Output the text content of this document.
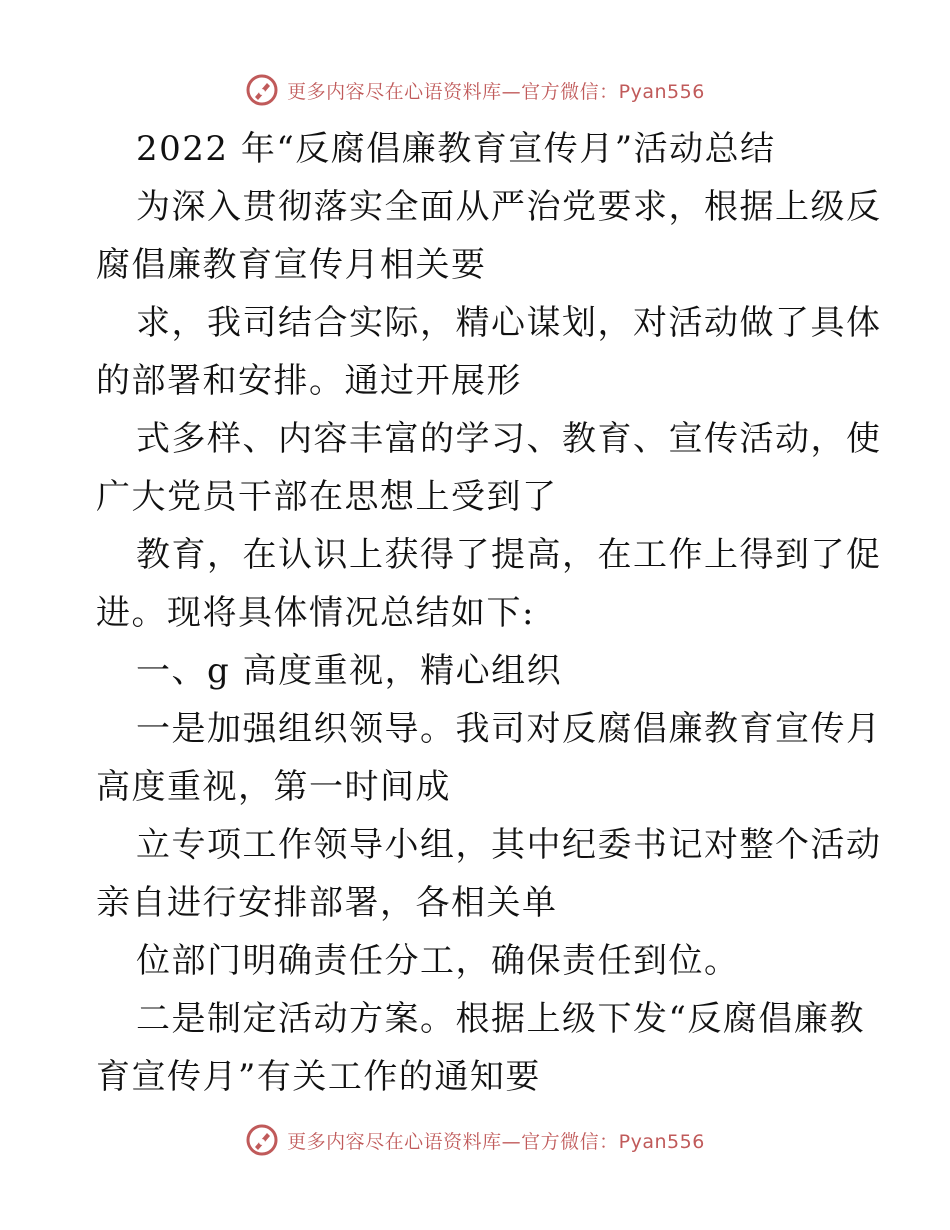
更多内容尽在心语资料库—官方微信：Pyan556
2022 年“反腐倡廉教育宣传月”活动总结
为深入贯彻落实全面从严治党要求，根据上级反
腐倡廉教育宣传月相关要
求，我司结合实际，精心谋划，对活动做了具体
的部署和安排。通过开展形
式多样、内容丰富的学习、教育、宣传活动，使
广大党员干部在思想上受到了
教育，在认识上获得了提高，在工作上得到了促
进。现将具体情况总结如下:
一、g 高度重视，精心组织
一是加强组织领导。我司对反腐倡廉教育宣传月
高度重视，第一时间成
立专项工作领导小组，其中纪委书记对整个活动
亲自进行安排部署，各相关单
位部门明确责任分工，确保责任到位。
二是制定活动方案。根据上级下发“反腐倡廉教
育宣传月”有关工作的通知要
更多内容尽在心语资料库—官方微信：Pyan556
